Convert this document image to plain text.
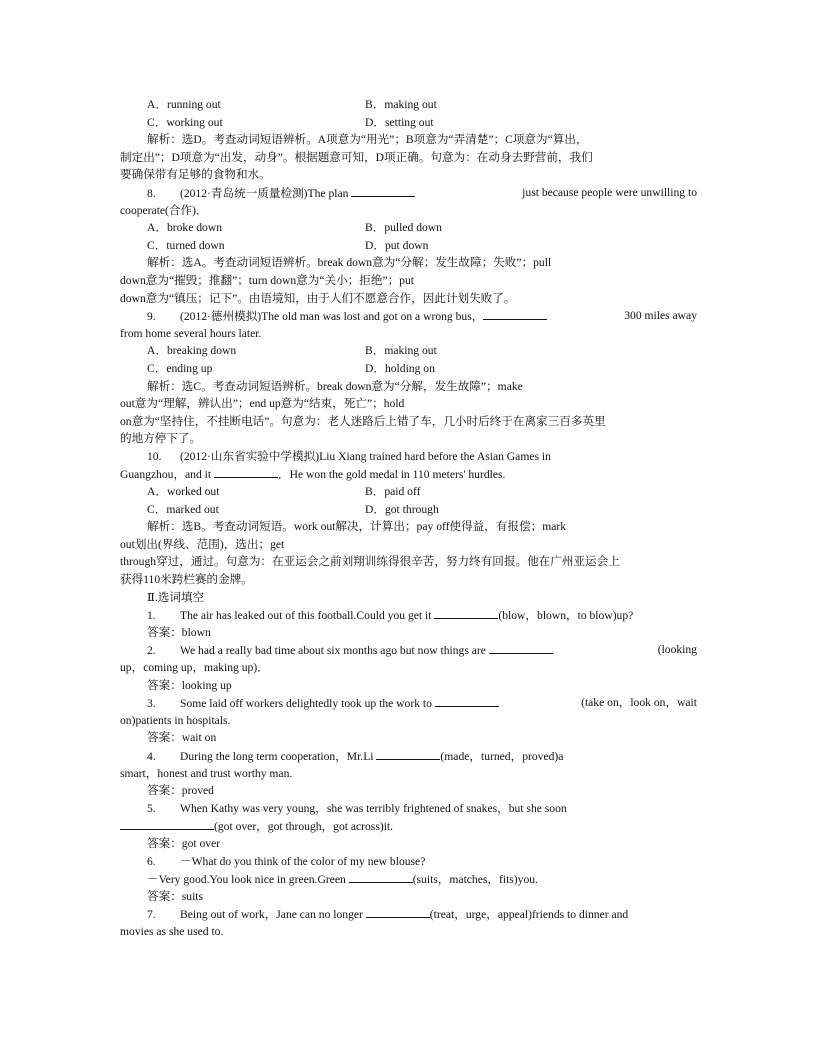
A．running out	B．making out
C．working out	D．setting out
解析：选D。考查动词短语辨析。A项意为“用光”；B项意为“弄清楚”；C项意为“算出，
制定出”；D项意为“出发，动身”。根据题意可知，D项正确。句意为：在动身去野营前，我们
要确保带有足够的食物和水。
8. (2012·青岛统一质量检测)The plan	just because people were unwilling to
cooperate(合作)．
A．broke down	B．pulled down
C．turned down	D．put down
解析：选A。考查动词短语辨析。break down意为“分解；发生故障；失败”；pull
down意为“摧毁；推翻”；turn down意为“关小；拒绝”；put
down意为“镇压；记下”。由语境知，由于人们不愿意合作，因此计划失败了。
9. (2012·德州模拟)The old man was lost and got on a wrong bus，	300 miles away
from home several hours later.
A．breaking down	B．making out
C．ending up	D．holding on
解析：选C。考查动词短语辨析。break down意为“分解，发生故障”；make
out意为“理解，辨认出”；end up意为“结束，死亡”；hold
on意为“坚持住，不挂断电话”。句意为：老人迷路后上错了车，几小时后终于在离家三百多英里
的地方停下了。
10. (2012·山东省实验中学模拟)Liu Xiang trained hard before the Asian Games in
Guangzhou，and it	．He won the gold medal in 110 meters' hurdles.
A．worked out	B．paid off
C．marked out	D．got through
解析：选B。考查动词短语。work out解决，计算出；pay off使得益，有报偿；mark
out划出(界线、范围)，选出；get
through穿过，通过。句意为：在亚运会之前刘翔训练得很辛苦，努力终有回报。他在广州亚运会上
获得110米跨栏赛的金牌。
Ⅱ.选词填空
1. The air has leaked out of this football.Could you get it	(blow，blown，to blow)up?
答案：blown
2. We had a really bad time about six months ago but now things are	(looking
up，coming up，making up)．
答案：looking up
3. Some laid off workers delightedly took up the work to	(take on，look on，wait
on)patients in hospitals.
答案：wait on
4. During the long term cooperation，Mr.Li	(made，turned，proved)a
smart，honest and trust worthy man.
答案：proved
5. When Kathy was very young，she was terribly frightened of snakes，but she soon
(got over，got through，got across)it.
答案：got over
6. －What do you think of the color of my new blouse?
－Very good.You look nice in green.Green	(suits，matches，fits)you.
答案：suits
7. Being out of work，Jane can no longer	(treat，urge，appeal)friends to dinner and
movies as she used to.
